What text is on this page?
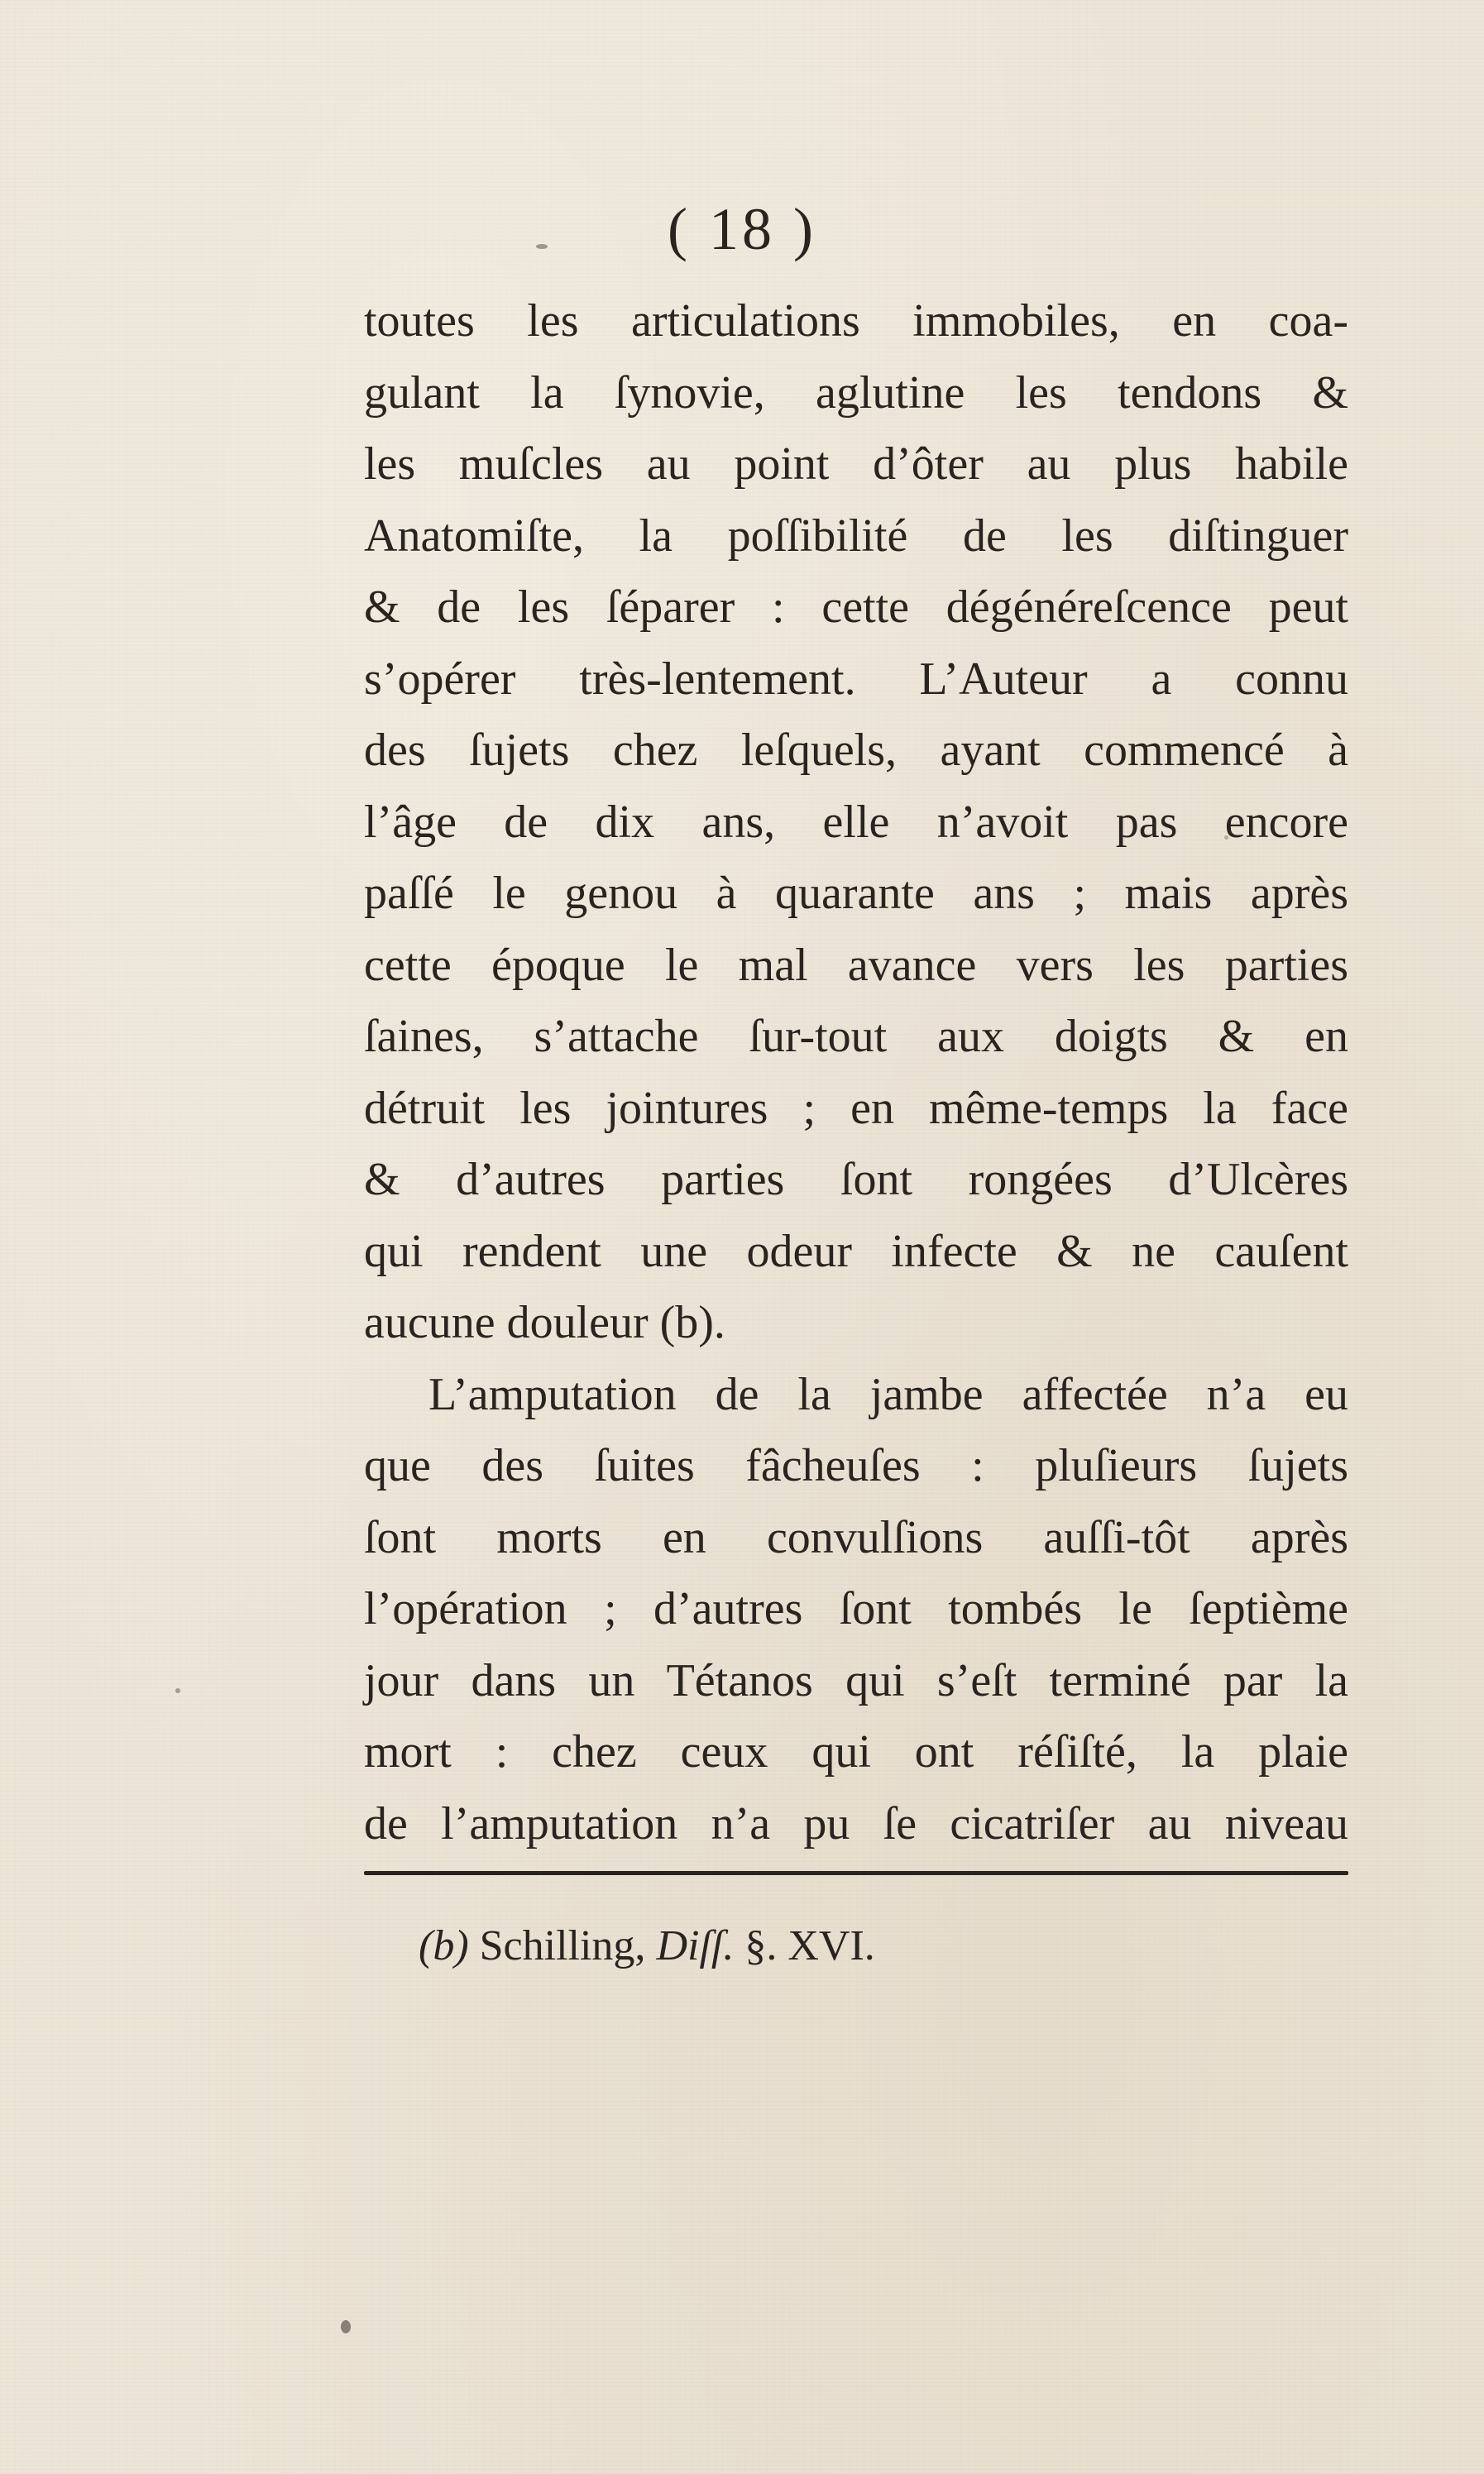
( 18 )
toutes les articulations immobiles, en coa-
gulant la ſynovie, aglutine les tendons &
les muſcles au point d’ôter au plus habile
Anatomiſte, la poſſibilité de les diſtinguer
& de les ſéparer : cette dégénéreſcence peut
s’opérer très-lentement. L’Auteur a connu
des ſujets chez leſquels, ayant commencé à
l’âge de dix ans, elle n’avoit pas encore
paſſé le genou à quarante ans ; mais après
cette époque le mal avance vers les parties
ſaines, s’attache ſur-tout aux doigts & en
détruit les jointures ; en même-temps la face
& d’autres parties ſont rongées d’Ulcères
qui rendent une odeur infecte & ne cauſent
aucune douleur (b).
L’amputation de la jambe affectée n’a eu
que des ſuites fâcheuſes : pluſieurs ſujets
ſont morts en convulſions auſſi-tôt après
l’opération ; d’autres ſont tombés le ſeptième
jour dans un Tétanos qui s’eſt terminé par la
mort : chez ceux qui ont réſiſté, la plaie
de l’amputation n’a pu ſe cicatriſer au niveau
(b) Schilling, Diſſ. §. XVI.
